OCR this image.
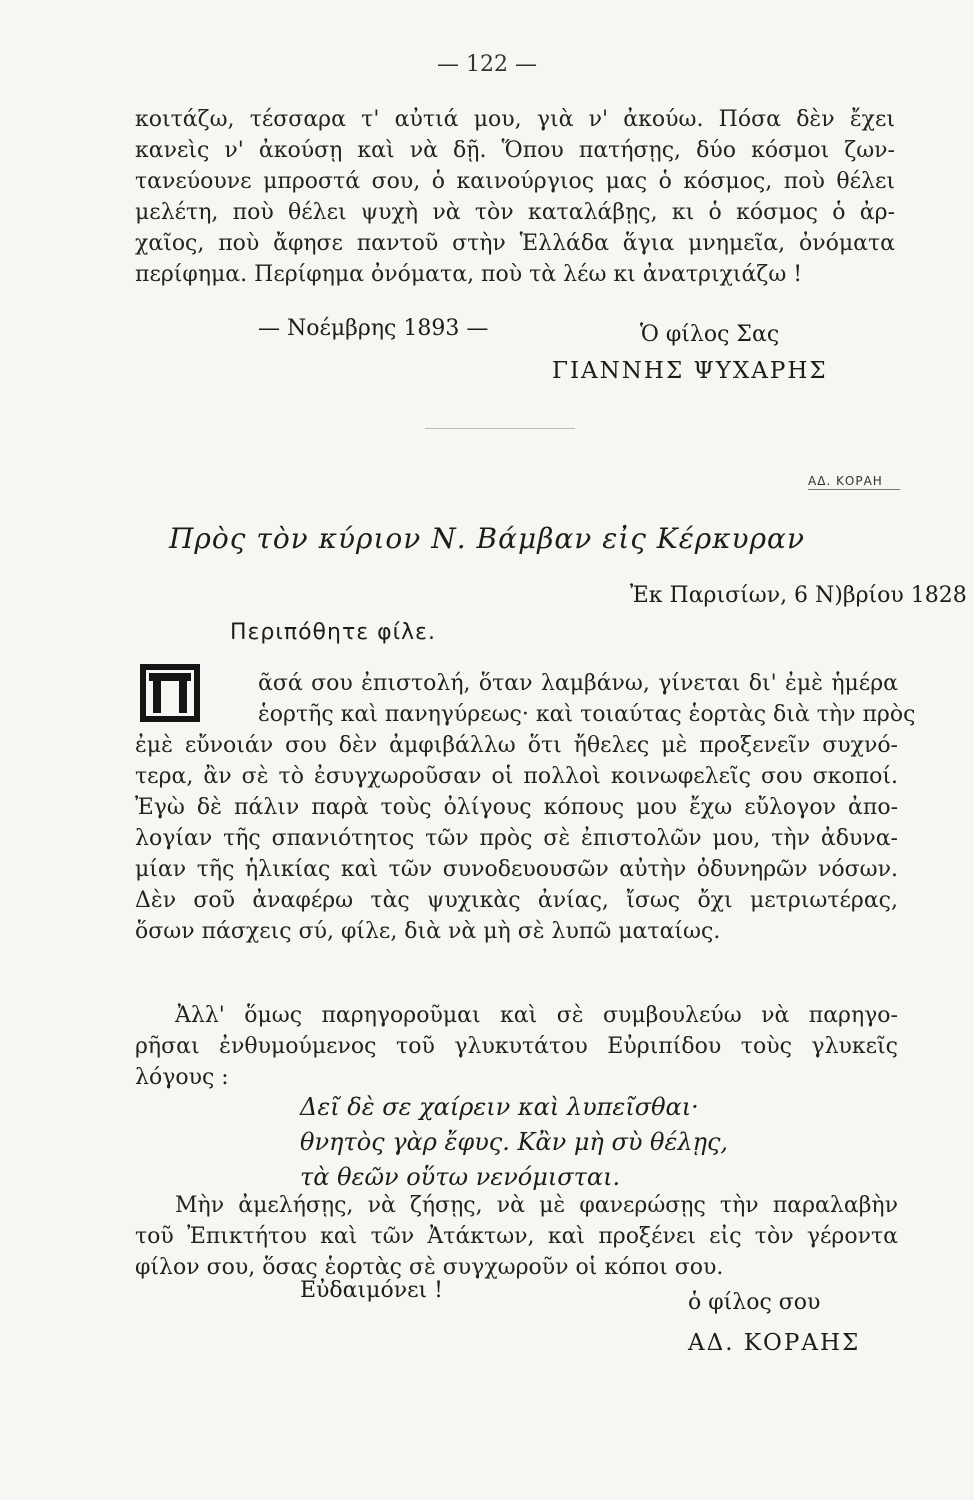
— 122 —
κοιτάζω, τέσσαρα τ' αὐτιά μου, γιὰ ν' ἀκούω. Πόσα δὲν ἔχει
κανεὶς ν' ἀκούσῃ καὶ νὰ δῇ. Ὅπου πατήσῃς, δύο κόσμοι ζων-
τανεύουνε μπροστά σου, ὁ καινούργιος μας ὁ κόσμος, ποὺ θέλει
μελέτη, ποὺ θέλει ψυχὴ νὰ τὸν καταλάβῃς, κι ὁ κόσμος ὁ ἀρ-
χαῖος, ποὺ ἄφησε παντοῦ στὴν Ἑλλάδα ἅγια μνημεῖα, ὀνόματα
περίφημα. Περίφημα ὀνόματα, ποὺ τὰ λέω κι ἀνατριχιάζω !
— Νοέμβρης 1893 —	Ὁ φίλος Σας
ΓΙΑΝΝΗΣ ΨΥΧΑΡΗΣ
ΑΔ. ΚΟΡΑΗ
Πρὸς τὸν κύριον Ν. Βάμβαν εἰς Κέρκυραν
Ἐκ Παρισίων, 6 Ν)βρίου 1828
Περιπόθητε φίλε.
ᾶσά σου ἐπιστολή, ὅταν λαμβάνω, γίνεται δι' ἐμὲ ἡμέρα
ἑορτῆς καὶ πανηγύρεως· καὶ τοιαύτας ἑορτὰς διὰ τὴν πρὸς
ἐμὲ εὔνοιάν σου δὲν ἀμφιβάλλω ὅτι ἤθελες μὲ προξενεῖν συχνό-
τερα, ἂν σὲ τὸ ἐσυγχωροῦσαν οἱ πολλοὶ κοινωφελεῖς σου σκοποί.
Ἐγὼ δὲ πάλιν παρὰ τοὺς ὀλίγους κόπους μου ἔχω εὔλογον ἀπο-
λογίαν τῆς σπανιότητος τῶν πρὸς σὲ ἐπιστολῶν μου, τὴν ἀδυνα-
μίαν τῆς ἡλικίας καὶ τῶν συνοδευουσῶν αὐτὴν ὀδυνηρῶν νόσων.
Δὲν σοῦ ἀναφέρω τὰς ψυχικὰς ἀνίας, ἴσως ὄχι μετριωτέρας,
ὅσων πάσχεις σύ, φίλε, διὰ νὰ μὴ σὲ λυπῶ ματαίως.
Ἀλλ' ὅμως παρηγοροῦμαι καὶ σὲ συμβουλεύω νὰ παρηγο-
ρῆσαι ἐνθυμούμενος τοῦ γλυκυτάτου Εὐριπίδου τοὺς γλυκεῖς
λόγους :
Δεῖ δὲ σε χαίρειν καὶ λυπεῖσθαι·
θνητὸς γὰρ ἔφυς. Κἂν μὴ σὺ θέλῃς,
τὰ θεῶν οὕτω νενόμισται.
Μὴν ἀμελήσῃς, νὰ ζήσῃς, νὰ μὲ φανερώσῃς τὴν παραλαβὴν
τοῦ Ἐπικτήτου καὶ τῶν Ἀτάκτων, καὶ προξένει εἰς τὸν γέροντα
φίλον σου, ὅσας ἑορτὰς σὲ συγχωροῦν οἱ κόποι σου.
Εὐδαιμόνει !	ὁ φίλος σου
ΑΔ. ΚΟΡΑΗΣ
